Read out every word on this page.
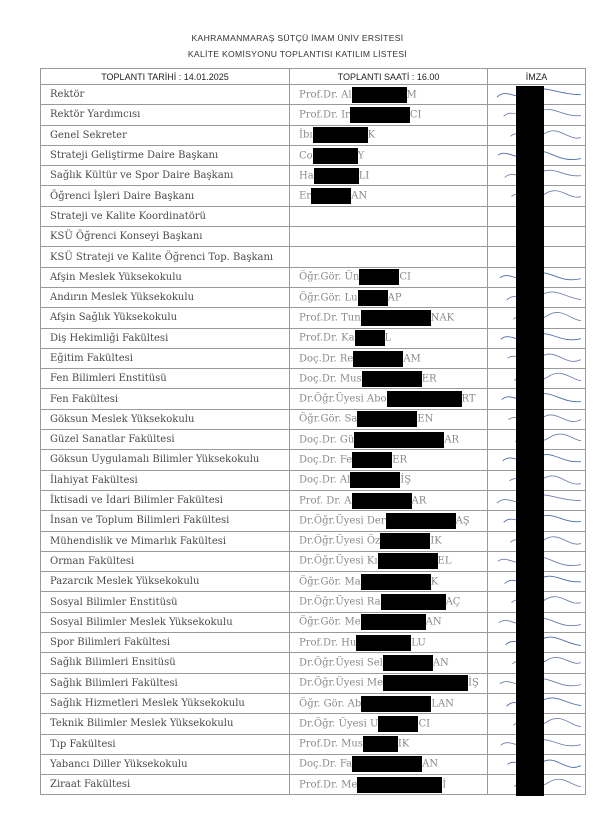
KAHRAMANMARAŞ SÜTÇÜ İMAM ÜNİV ERSİTESİ
KALİTE KOMİSYONU TOPLANTISI KATILIM LİSTESİ
TOPLANTI TARİHİ : 14.01.2025	TOPLANTI SAATİ : 16.00	İMZA
Rektör	Prof.Dr. Al M	

Rektör Yardımcısı	Prof.Dr. Ir CI	

Genel Sekreter	İbı K	

Strateji Geliştirme Daire Başkanı	Co Y	

Sağlık Kültür ve Spor Daire Başkanı	Ha LI	

Öğrenci İşleri Daire Başkanı	Er AN	

Strateji ve Kalite Koordinatörü		
KSÜ Öğrenci Konseyi Başkanı		
KSÜ Strateji ve Kalite Öğrenci Top. Başkanı		
Afşin Meslek Yüksekokulu	Öğr.Gör. Ün CI	

Andırın Meslek Yüksekokulu	Öğr.Gör. Lu AP	

Afşin Sağlık Yüksekokulu	Prof.Dr. Tun NAK	

Diş Hekimliği Fakültesi	Prof.Dr. Ka L	

Eğitim Fakültesi	Doç.Dr. Re AM	

Fen Bilimleri Enstitüsü	Doç.Dr. Mus ER	

Fen Fakültesi	Dr.Öğr.Üyesi Abo RT	

Göksun Meslek Yüksekokulu	Öğr.Gör. Sa EN	

Güzel Sanatlar Fakültesi	Doç.Dr. Gü AR	

Göksun Uygulamalı Bilimler Yüksekokulu	Doç.Dr. Fe ER	

İlahiyat Fakültesi	Doç.Dr. Al İŞ	

İktisadi ve İdari Bilimler Fakültesi	Prof. Dr. A AR	

İnsan ve Toplum Bilimleri Fakültesi	Dr.Öğr.Üyesi Der AŞ	

Mühendislik ve Mimarlık Fakültesi	Dr.Öğr.Üyesi Öz IK	

Orman Fakültesi	Dr.Öğr.Üyesi Kı EL	

Pazarcık Meslek Yüksekokulu	Öğr.Gör. Ma K	

Sosyal Bilimler Enstitüsü	Dr.Öğr.Üyesi Ra AÇ	

Sosyal Bilimler Meslek Yüksekokulu	Öğr.Gör. Me AN	

Spor Bilimleri Fakültesi	Prof.Dr. Hu LU	

Sağlık Bilimleri Ensitüsü	Dr.Öğr.Üyesi Sel AN	

Sağlık Bilimleri Fakültesi	Dr.Öğr.Üyesi Me İŞ	

Sağlık Hizmetleri Meslek Yüksekokulu	Öğr. Gör. Ab LAN	

Teknik Bilimler Meslek Yüksekokulu	Dr.Öğr. Üyesi U CI	

Tıp Fakültesi	Prof.Dr. Mus IK	

Yabancı Diller Yüksekokulu	Doç.Dr. Fa AN	

Ziraat Fakültesi	Prof.Dr. Me İ	
